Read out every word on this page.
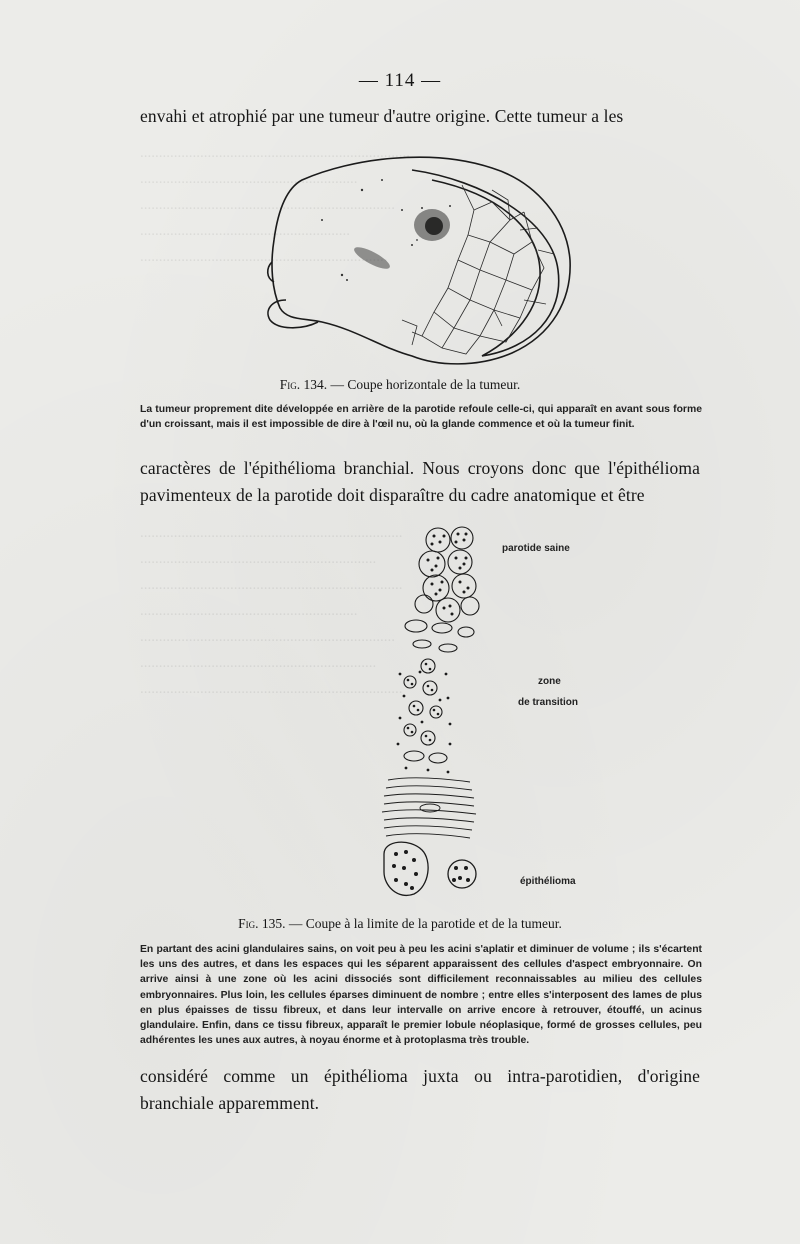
........................................................................
..........................................................
....................................................................
........................................................
..................................................................
......................................................................
...............................................................
......................................................................
..........................................................
....................................................................
...............................................................
......................................................................
— 114 —
envahi et atrophié par une tumeur d'autre origine. Cette tumeur a les
Fig. 134. — Coupe horizontale de la tumeur.
La tumeur proprement dite développée en arrière de la parotide refoule celle-ci, qui apparaît en avant sous forme d'un croissant, mais il est impossible de dire à l'œil nu, où la glande commence et où la tumeur finit.
caractères de l'épithélioma branchial. Nous croyons donc que l'épithélioma pavimenteux de la parotide doit disparaître du cadre anatomique et être
parotide saine
zone
de transition
épithélioma
Fig. 135. — Coupe à la limite de la parotide et de la tumeur.
En partant des acini glandulaires sains, on voit peu à peu les acini s'aplatir et diminuer de volume ; ils s'écartent les uns des autres, et dans les espaces qui les séparent apparaissent des cellules d'aspect embryonnaire. On arrive ainsi à une zone où les acini dissociés sont difficilement reconnaissables au milieu des cellules embryonnaires. Plus loin, les cellules éparses diminuent de nombre ; entre elles s'interposent des lames de plus en plus épaisses de tissu fibreux, et dans leur intervalle on arrive encore à retrouver, étouffé, un acinus glandulaire. Enfin, dans ce tissu fibreux, apparaît le premier lobule néoplasique, formé de grosses cellules, peu adhérentes les unes aux autres, à noyau énorme et à protoplasma très trouble.
considéré comme un épithélioma juxta ou intra-parotidien, d'origine branchiale apparemment.
